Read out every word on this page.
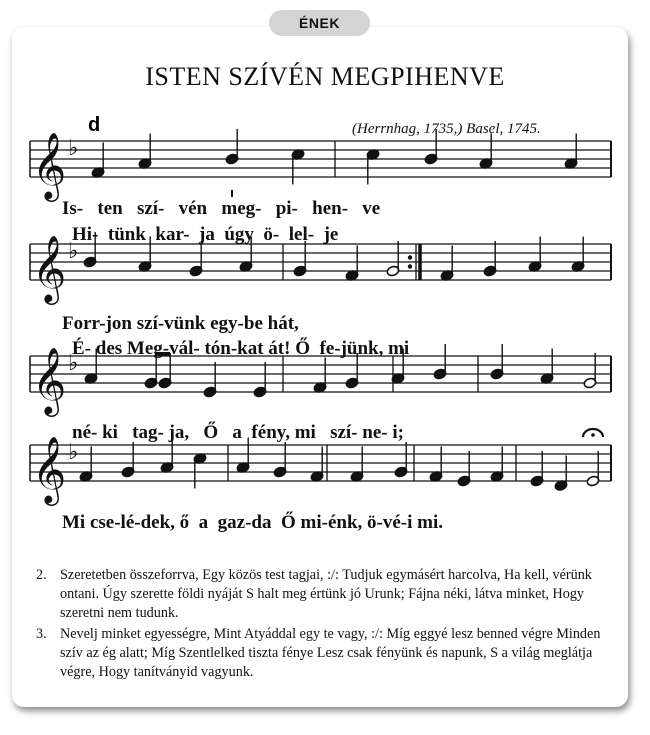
ÉNEK
ISTEN SZÍVÉN MEGPIHENVE
𝄞 ♭
𝄞 ♭
𝄞 ♭
𝄞 ♭
d	(Herrnhag, 1735,) Basel, 1745.
Is-   ten   szí-   vén   meg-   pi-   hen-   ve
Hi-  tünk  kar-  ja  úgy  ö-  lel-  je
Forr-jon szí-vünk egy-be hát,
É- des Meg-vál- tón-kat át! Ő  fe-jünk, mi
né- ki   tag- ja,   Ő   a  fény, mi   szí- ne- i;
Mi cse-lé-dek, ő  a  gaz-da  Ő mi-énk, ö-vé-i mi.
2. Szeretetben összeforrva, Egy közös test tagjai, :/: Tudjuk egymásért harcolva, Ha kell, vérünk ontani. Úgy szerette földi nyáját S halt meg értünk jó Urunk; Fájna néki, látva minket, Hogy szeretni nem tudunk.
3. Nevelj minket egyességre, Mint Atyáddal egy te vagy, :/: Míg eggyé lesz benned végre Minden szív az ég alatt; Míg Szentlelked tiszta fénye Lesz csak fényünk és napunk, S a világ meglátja végre, Hogy tanítványid vagyunk.
